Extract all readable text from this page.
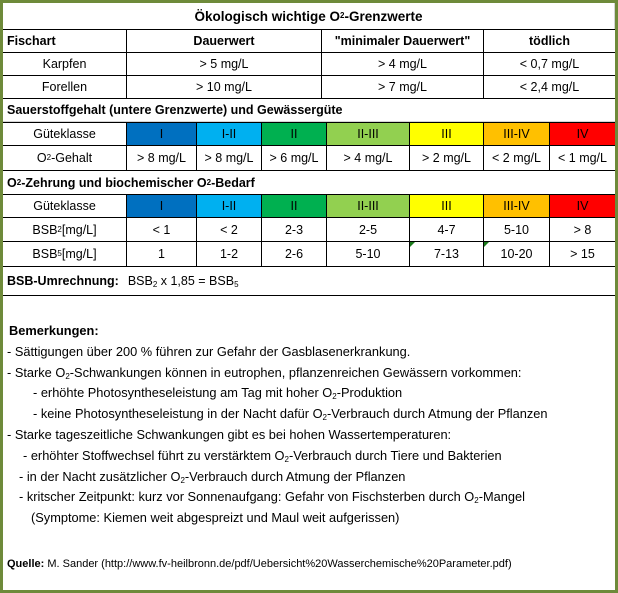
Ökologisch wichtige O 2 -Grenzwerte
Fischart	Dauerwert	"minimaler Dauerwert"	tödlich
Karpfen	> 5 mg/L	> 4 mg/L	< 0,7 mg/L
Forellen	> 10 mg/L	> 7 mg/L	< 2,4 mg/L
Sauerstoffgehalt (untere Grenzwerte) und Gewässergüte
Güteklasse	I	I-II	II	II-III	III	III-IV	IV
O 2 -Gehalt	> 8 mg/L	> 8 mg/L	> 6 mg/L	> 4 mg/L	> 2 mg/L	< 2 mg/L	< 1 mg/L
O 2 -Zehrung und biochemischer O 2 -Bedarf
Güteklasse	I	I-II	II	II-III	III	III-IV	IV
BSB 2 [mg/L]	< 1	< 2	2-3	2-5	4-7	5-10	> 8
BSB 5 [mg/L]	1	1-2	2-6	5-10	7-13	10-20	> 15
BSB-Umrechnung: $BSB_2$ x $1,85 = BSB_5$
Bemerkungen:
- Sättigungen über 200 % führen zur Gefahr der Gasblasenerkrankung.
- Starke $O_2$-Schwankungen können in eutrophen, pflanzenreichen Gewässern vorkommen:
- erhöhte Photosyntheseleistung am Tag mit hoher $O_2$-Produktion
- keine Photosyntheseleistung in der Nacht dafür $O_2$-Verbrauch durch Atmung der Pflanzen
- Starke tageszeitliche Schwankungen gibt es bei hohen Wassertemperaturen:
- erhöhter Stoffwechsel führt zu verstärktem $O_2$-Verbrauch durch Tiere und Bakterien
- in der Nacht zusätzlicher $O_2$-Verbrauch durch Atmung der Pflanzen
- kritscher Zeitpunkt: kurz vor Sonnenaufgang: Gefahr von Fischsterben durch $O_2$-Mangel
(Symptome: Kiemen weit abgespreizt und Maul weit aufgerissen)
Quelle: M. Sander (http://www.fv-heilbronn.de/pdf/Uebersicht%20Wasserchemische%20Parameter.pdf)
